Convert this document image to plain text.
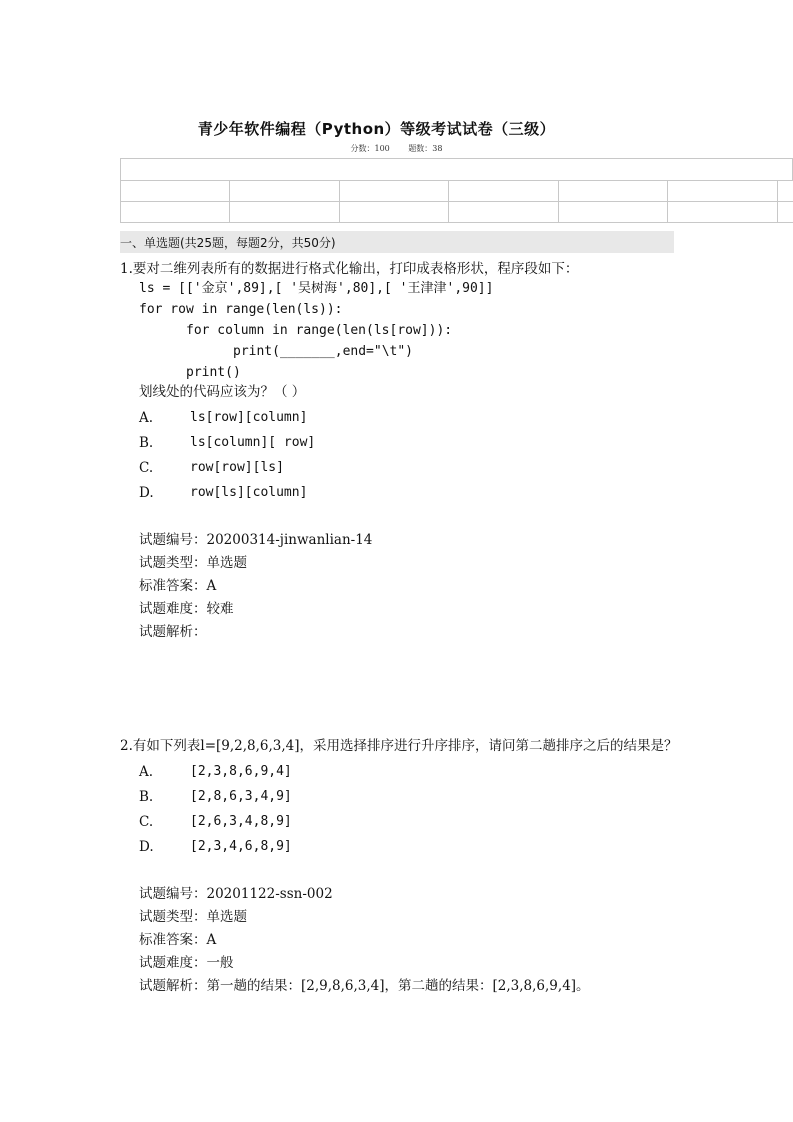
青少年软件编程（Python）等级考试试卷（三级）
分数：100 题数：38

一、单选题(共25题，每题2分，共50分)
1.要对二维列表所有的数据进行格式化输出，打印成表格形状，程序段如下：
ls = [['金京',89],[ '吴树海',80],[ '王津津',90]]
for row in range(len(ls)):
for column in range(len(ls[row])):
print(_______,end="\t")
print()
划线处的代码应该为？（ ）
A.	ls[row][column]
B.	ls[column][ row]
C.	row[row][ls]
D.	row[ls][column]
试题编号：20200314-jinwanlian-14
试题类型：单选题
标准答案：A
试题难度：较难
试题解析：
2.有如下列表l=[9,2,8,6,3,4]，采用选择排序进行升序排序，请问第二趟排序之后的结果是？
A.	[2,3,8,6,9,4]
B.	[2,8,6,3,4,9]
C.	[2,6,3,4,8,9]
D.	[2,3,4,6,8,9]
试题编号：20201122-ssn-002
试题类型：单选题
标准答案：A
试题难度：一般
试题解析：第一趟的结果：[2,9,8,6,3,4]，第二趟的结果：[2,3,8,6,9,4]。
